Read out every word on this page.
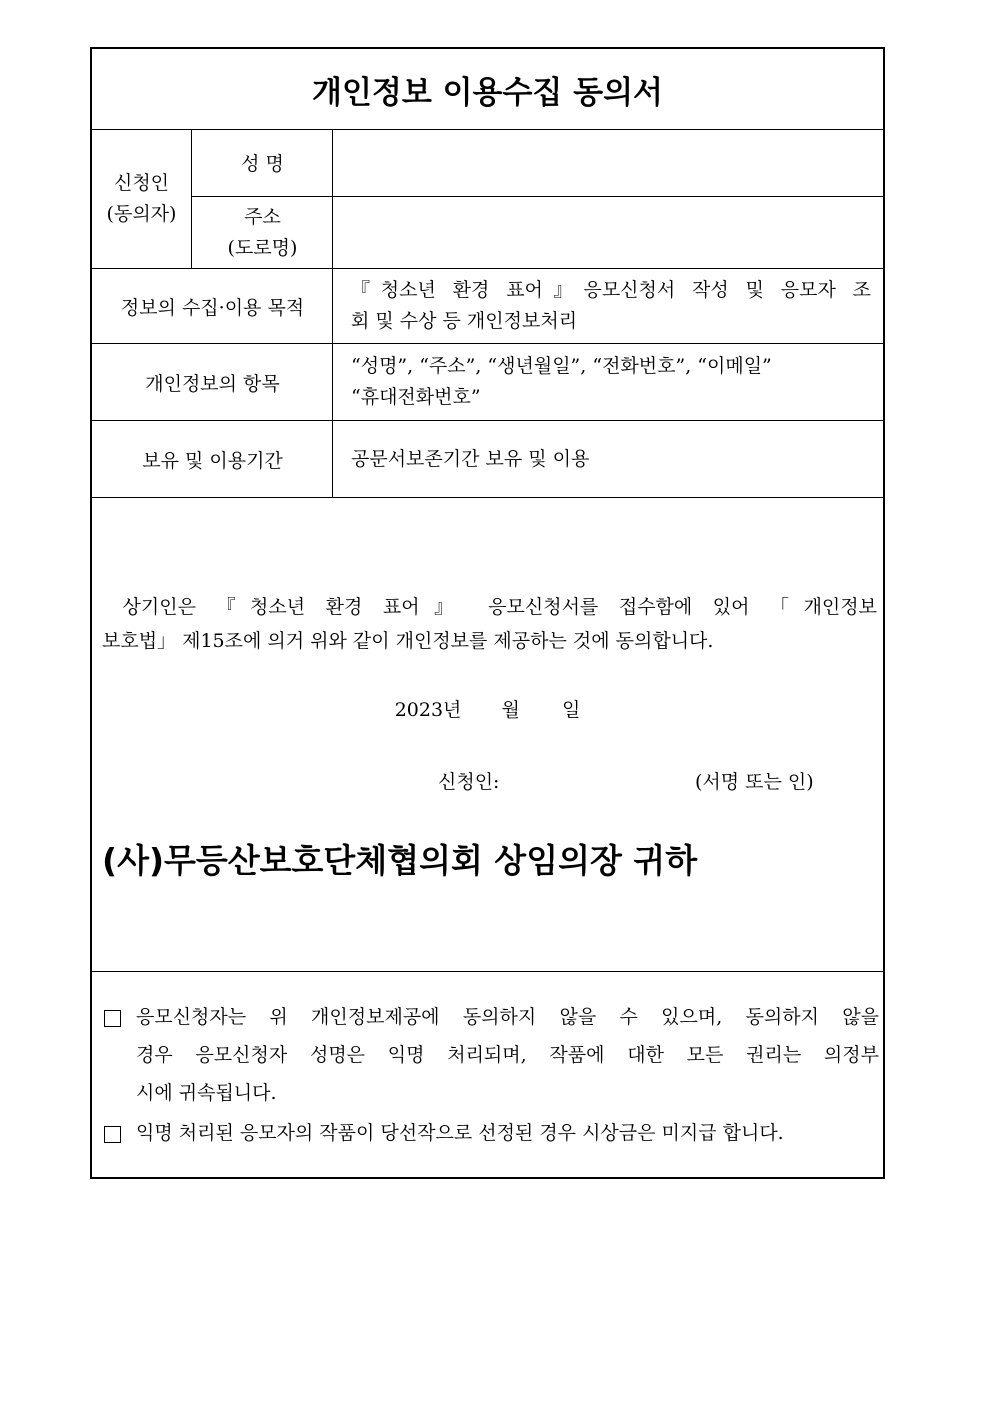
개인정보 이용수집 동의서
신청인
(동의자)
성 명
주소
(도로명)
정보의 수집·이용 목적
『청소년 환경 표어』응모신청서 작성 및 응모자 조
회 및 수상 등 개인정보처리
개인정보의 항목
“성명”, “주소”, “생년월일”, “전화번호”, “이메일”
“휴대전화번호”
보유 및 이용기간	공문서보존기간 보유 및 이용
상기인은 『청소년 환경 표어』 응모신청서를 접수함에 있어 「개인정보
보호법」 제15조에 의거 위와 같이 개인정보를 제공하는 것에 동의합니다.
2023년 월 일
신청인:	(서명 또는 인)
(사)무등산보호단체협의회 상임의장 귀하
응모신청자는 위 개인정보제공에 동의하지 않을 수 있으며, 동의하지 않을
경우 응모신청자 성명은 익명 처리되며, 작품에 대한 모든 권리는 의정부
시에 귀속됩니다.
익명 처리된 응모자의 작품이 당선작으로 선정된 경우 시상금은 미지급 합니다.
